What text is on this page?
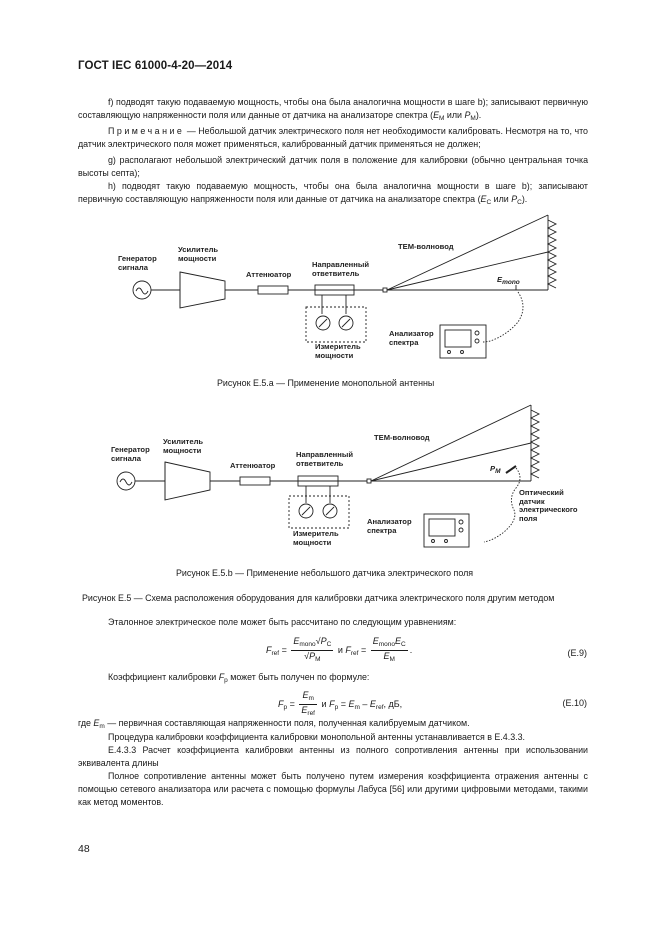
ГОСТ IEC 61000-4-20—2014
f) подводят такую подаваемую мощность, чтобы она была аналогична мощности в шаге b); записывают первичную составляющую напряженности поля или данные от датчика на анализаторе спектра ($E_M$ или $P_M$).
Примечание — Небольшой датчик электрического поля нет необходимости калибровать. Несмотря на то, что датчик электрического поля может применяться, калиброванный датчик применяться не должен;
g) располагают небольшой электрический датчик поля в положение для калибровки (обычно центральная точка высоты септа);
h) подводят такую подаваемую мощность, чтобы она была аналогична мощности в шаге b); записывают первичную составляющую напряженности поля или данные от датчика на анализаторе спектра ($E_C$ или $P_C$).
Генератор
сигнала
Усилитель
мощности
Аттенюатор
Направленный
ответвитель
ТЕМ-волновод
Emono
Измеритель
мощности
Анализатор
спектра
Рисунок Е.5.а — Применение монопольной антенны
Генератор
сигнала
Усилитель
мощности
Аттенюатор
Направленный
ответвитель
ТЕМ-волновод
PM
Оптический
датчик
электрического
поля
Измеритель
мощности
Анализатор
спектра
Рисунок Е.5.b — Применение небольшого датчика электрического поля
Рисунок Е.5 — Схема расположения оборудования для калибровки датчика электрического поля другим методом
Эталонное электрическое поле может быть рассчитано по следующим уравнениям:
$F_{ref} = \frac{E_{mono}√P_C}{√P_M}$ и $F_{ref} = \frac{E_{mono}E_C}{E_M}$ .	(E.9)
Коэффициент калибровки $F_p$ может быть получен по формуле:
$F_p = \frac{E_m}{E_{ref}}$ и $F_p = E_m - E_{ref}$, дБ,	(E.10)
где $E_m$ — первичная составляющая напряженности поля, полученная калибруемым датчиком.
Процедура калибровки коэффициента калибровки монопольной антенны устанавливается в Е.4.3.3.
Е.4.3.3 Расчет коэффициента калибровки антенны из полного сопротивления антенны при использовании эквивалента длины
Полное сопротивление антенны может быть получено путем измерения коэффициента отражения антенны с помощью сетевого анализатора или расчета с помощью формулы Лабуса [56] или другими цифровыми методами, такими как метод моментов.
48
